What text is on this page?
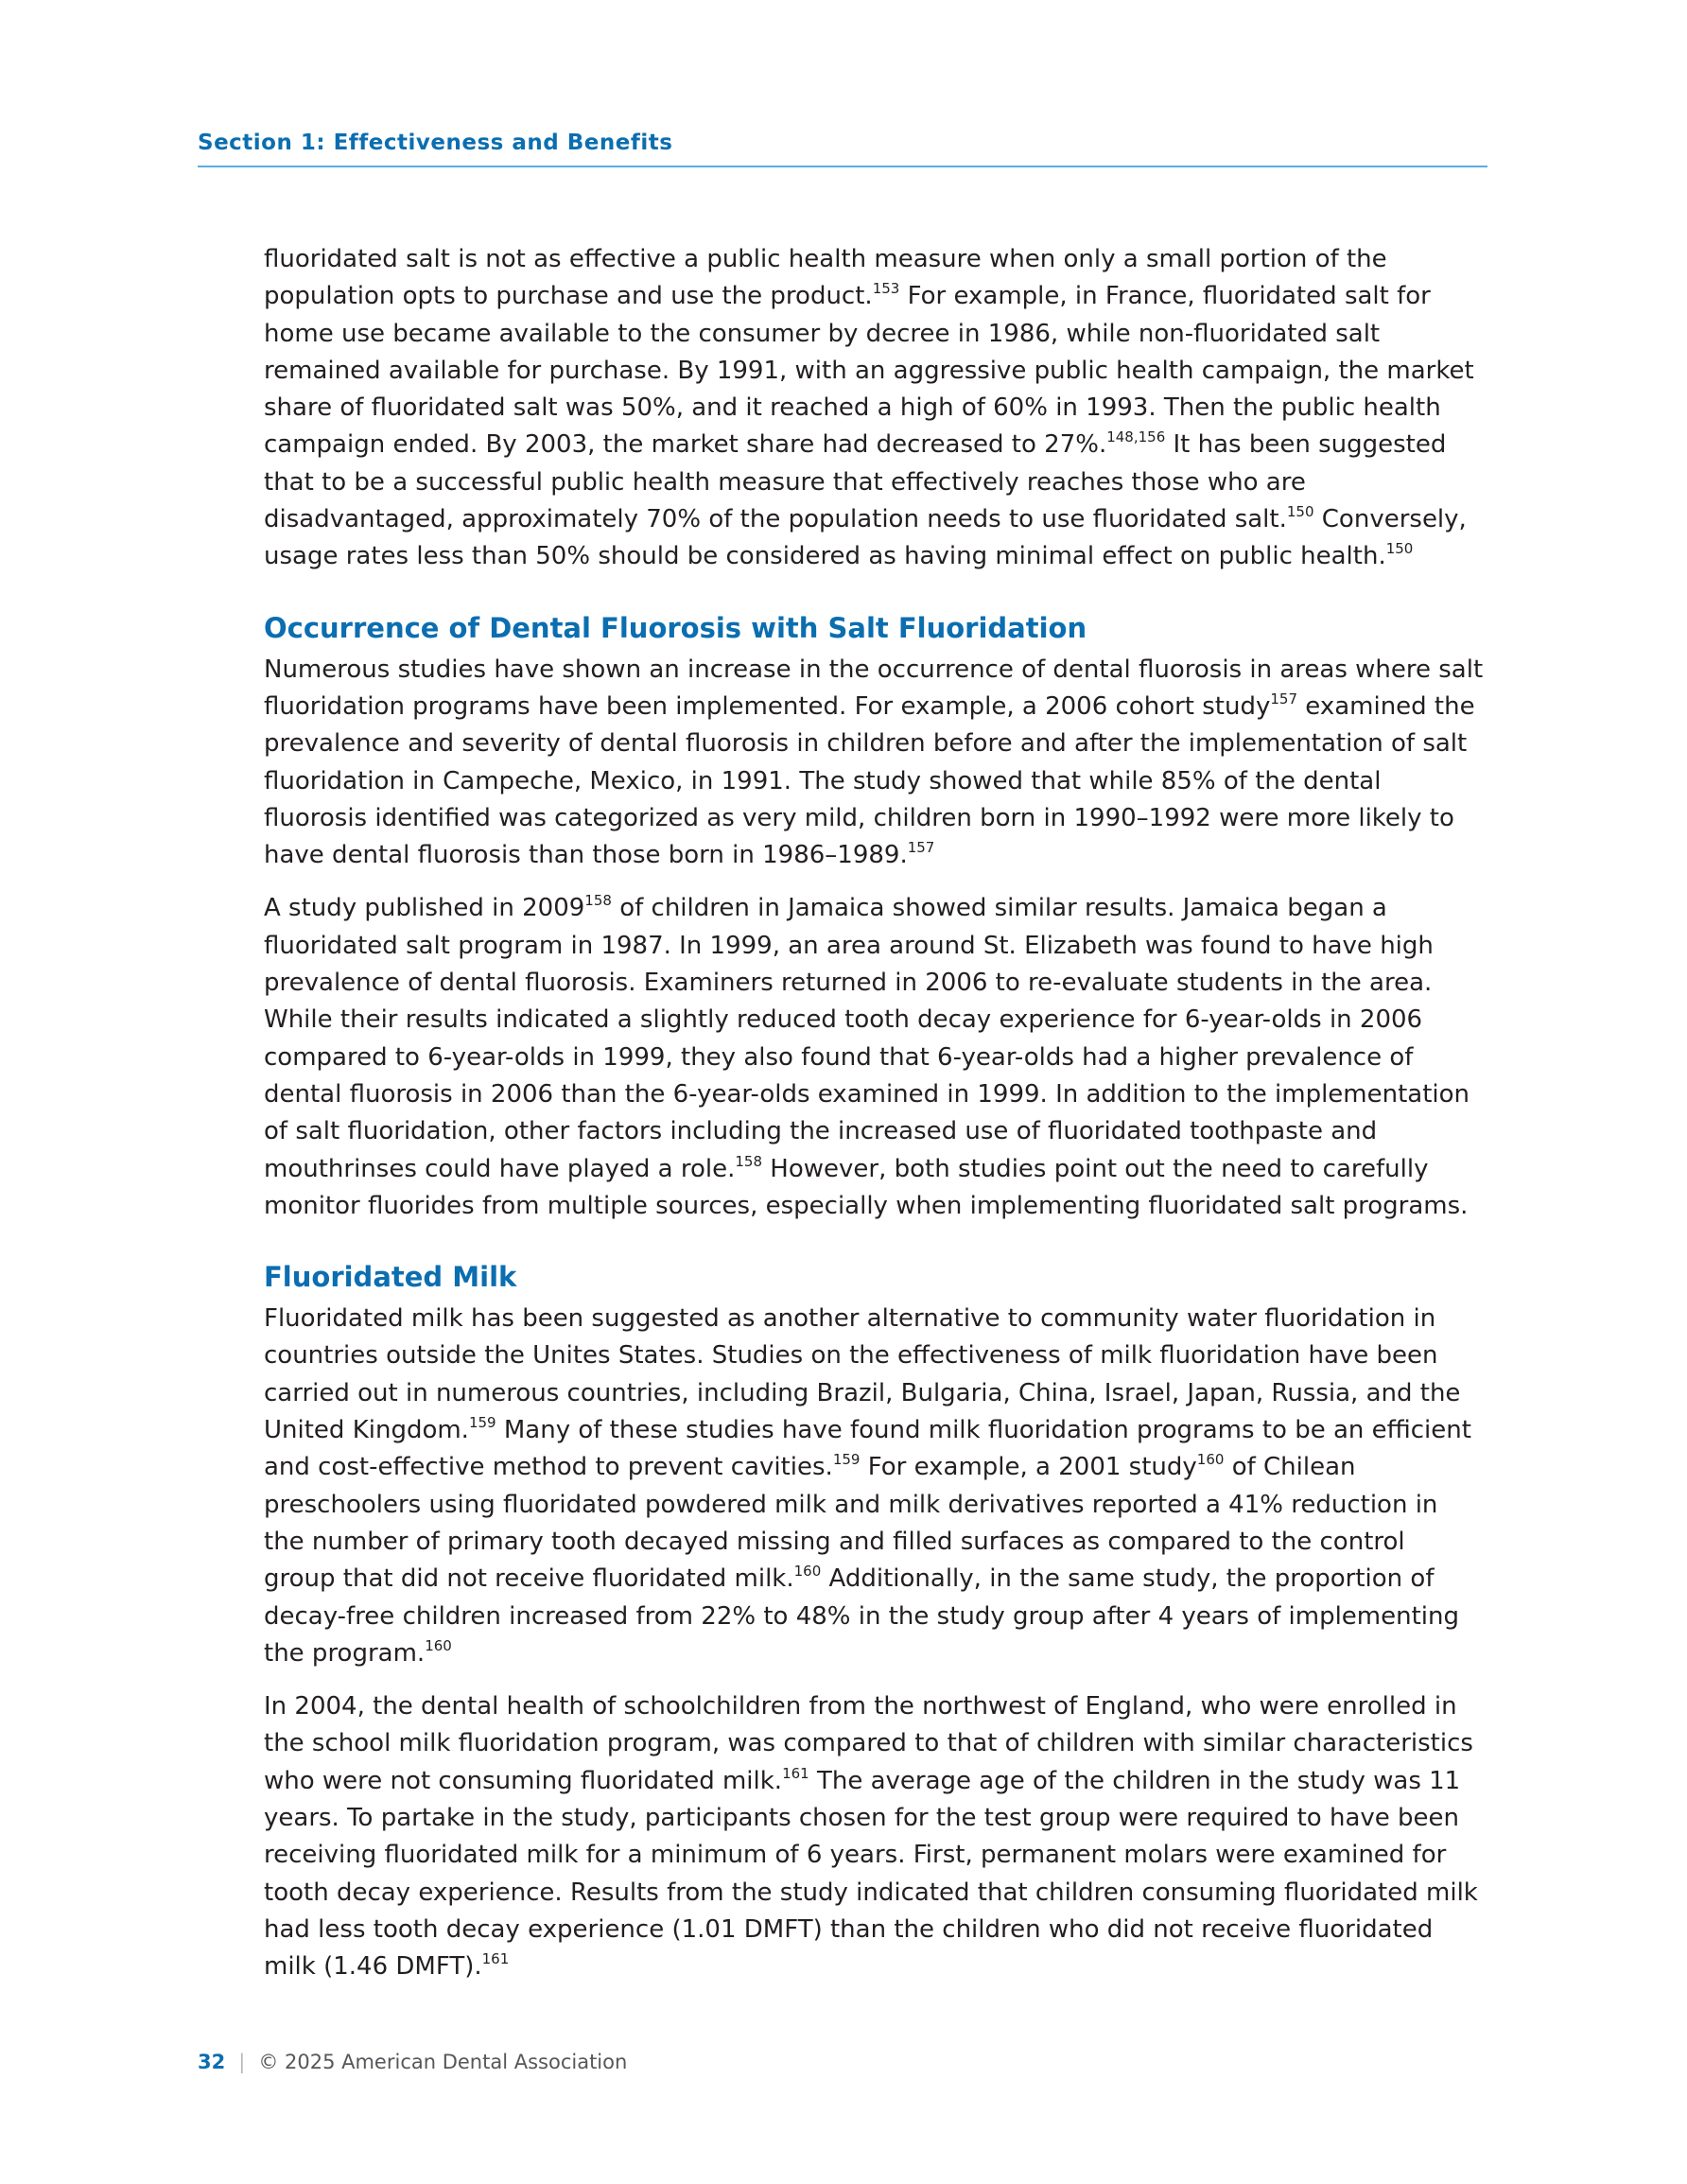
Section 1: Effectiveness and Benefits

fluoridated salt is not as effective a public health measure when only a small portion of the population opts to purchase and use the product.$^{153}$ For example, in France, fluoridated salt for home use became available to the consumer by decree in 1986, while non-fluoridated salt remained available for purchase. By 1991, with an aggressive public health campaign, the market share of fluoridated salt was 50%, and it reached a high of 60% in 1993. Then the public health campaign ended. By 2003, the market share had decreased to 27%.$^{148,156}$ It has been suggested that to be a successful public health measure that effectively reaches those who are disadvantaged, approximately 70% of the population needs to use fluoridated salt.$^{150}$ Conversely, usage rates less than 50% should be considered as having minimal effect on public health.$^{150}$

Occurrence of Dental Fluorosis with Salt Fluoridation

Numerous studies have shown an increase in the occurrence of dental fluorosis in areas where salt fluoridation programs have been implemented. For example, a 2006 cohort study$^{157}$ examined the prevalence and severity of dental fluorosis in children before and after the implementation of salt fluoridation in Campeche, Mexico, in 1991. The study showed that while 85% of the dental fluorosis identified was categorized as very mild, children born in 1990–1992 were more likely to have dental fluorosis than those born in 1986–1989.$^{157}$

A study published in 2009$^{158}$ of children in Jamaica showed similar results. Jamaica began a fluoridated salt program in 1987. In 1999, an area around St. Elizabeth was found to have high prevalence of dental fluorosis. Examiners returned in 2006 to re-evaluate students in the area. While their results indicated a slightly reduced tooth decay experience for 6-year-olds in 2006 compared to 6-year-olds in 1999, they also found that 6-year-olds had a higher prevalence of dental fluorosis in 2006 than the 6-year-olds examined in 1999. In addition to the implementation of salt fluoridation, other factors including the increased use of fluoridated toothpaste and mouthrinses could have played a role.$^{158}$ However, both studies point out the need to carefully monitor fluorides from multiple sources, especially when implementing fluoridated salt programs.

Fluoridated Milk

Fluoridated milk has been suggested as another alternative to community water fluoridation in countries outside the Unites States. Studies on the effectiveness of milk fluoridation have been carried out in numerous countries, including Brazil, Bulgaria, China, Israel, Japan, Russia, and the United Kingdom.$^{159}$ Many of these studies have found milk fluoridation programs to be an efficient and cost-effective method to prevent cavities.$^{159}$ For example, a 2001 study$^{160}$ of Chilean preschoolers using fluoridated powdered milk and milk derivatives reported a 41% reduction in the number of primary tooth decayed missing and filled surfaces as compared to the control group that did not receive fluoridated milk.$^{160}$ Additionally, in the same study, the proportion of decay-free children increased from 22% to 48% in the study group after 4 years of implementing the program.$^{160}$

In 2004, the dental health of schoolchildren from the northwest of England, who were enrolled in the school milk fluoridation program, was compared to that of children with similar characteristics who were not consuming fluoridated milk.$^{161}$ The average age of the children in the study was 11 years. To partake in the study, participants chosen for the test group were required to have been receiving fluoridated milk for a minimum of 6 years. First, permanent molars were examined for tooth decay experience. Results from the study indicated that children consuming fluoridated milk had less tooth decay experience (1.01 DMFT) than the children who did not receive fluoridated milk (1.46 DMFT).$^{161}$

32 | © 2025 American Dental Association
